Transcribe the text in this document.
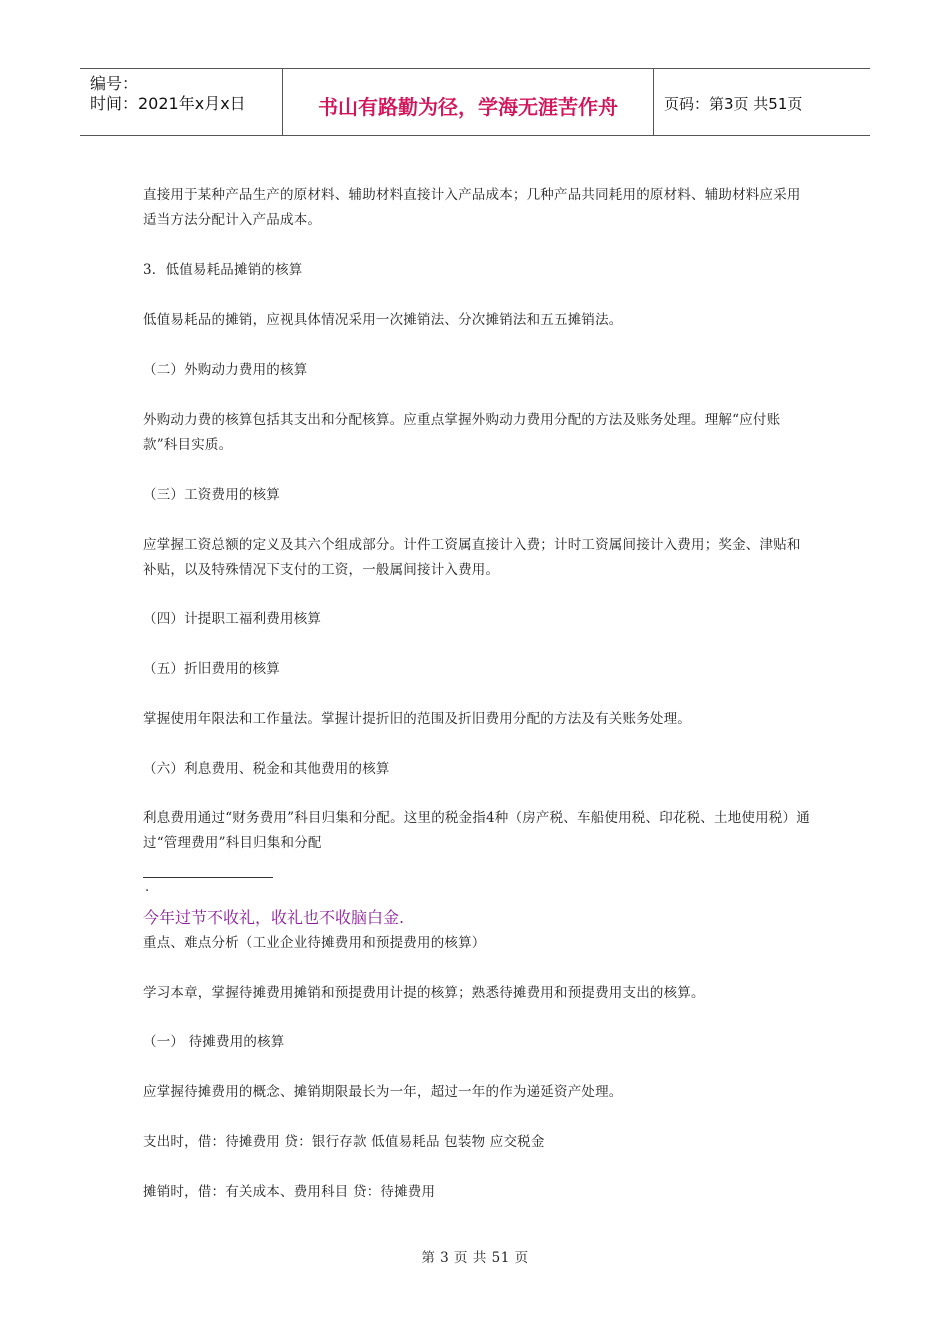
编号：
时间：2021年x月x日	书山有路勤为径，学海无涯苦作舟	页码：第3页 共51页
直接用于某种产品生产的原材料、辅助材料直接计入产品成本；几种产品共同耗用的原材料、辅助材料应采用适当方法分配计入产品成本。
3．低值易耗品摊销的核算
低值易耗品的摊销，应视具体情况采用一次摊销法、分次摊销法和五五摊销法。
（二）外购动力费用的核算
外购动力费的核算包括其支出和分配核算。应重点掌握外购动力费用分配的方法及账务处理。理解“应付账款”科目实质。
（三）工资费用的核算
应掌握工资总额的定义及其六个组成部分。计件工资属直接计入费；计时工资属间接计入费用；奖金、津贴和补贴，以及特殊情况下支付的工资，一般属间接计入费用。
（四）计提职工福利费用核算
（五）折旧费用的核算
掌握使用年限法和工作量法。掌握计提折旧的范围及折旧费用分配的方法及有关账务处理。
（六）利息费用、税金和其他费用的核算
利息费用通过“财务费用”科目归集和分配。这里的税金指4种（房产税、车船使用税、印花税、土地使用税）通过“管理费用”科目归集和分配
.
今年过节不收礼，收礼也不收脑白金.
重点、难点分析（工业企业待摊费用和预提费用的核算）
学习本章，掌握待摊费用摊销和预提费用计提的核算；熟悉待摊费用和预提费用支出的核算。
（一） 待摊费用的核算
应掌握待摊费用的概念、摊销期限最长为一年，超过一年的作为递延资产处理。
支出时，借：待摊费用 贷：银行存款 低值易耗品 包装物 应交税金
摊销时，借：有关成本、费用科目 贷：待摊费用
第 3 页 共 51 页
